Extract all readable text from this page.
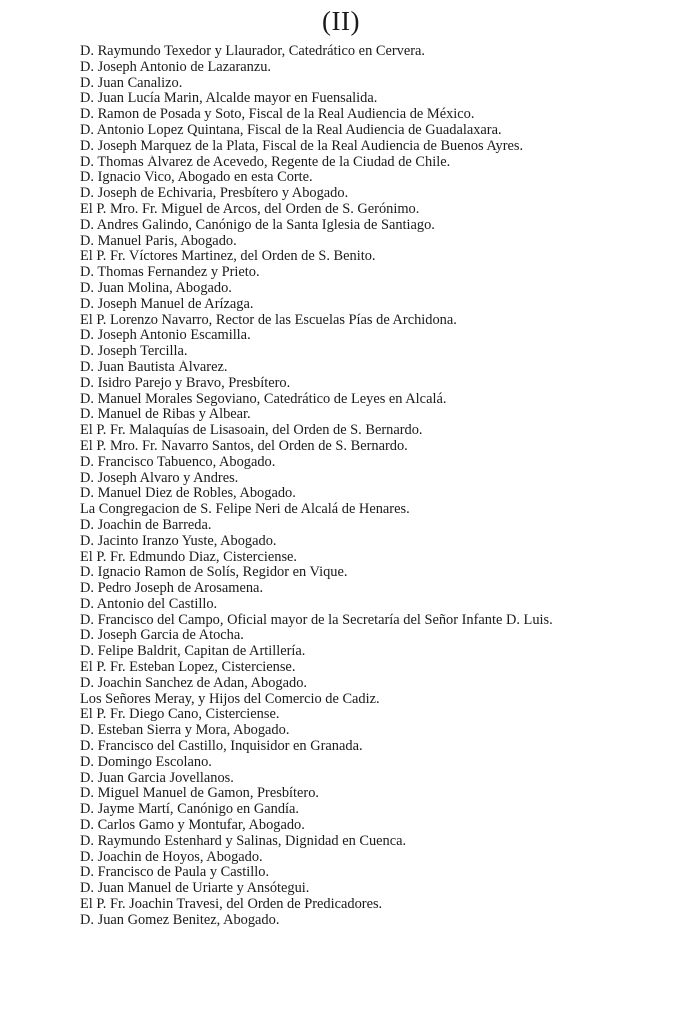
(II)
D. Raymundo Texedor y Llaurador, Catedrático en Cervera.
D. Joseph Antonio de Lazaranzu.
D. Juan Canalizo.
D. Juan Lucía Marin, Alcalde mayor en Fuensalida.
D. Ramon de Posada y Soto, Fiscal de la Real Audiencia de México.
D. Antonio Lopez Quintana, Fiscal de la Real Audiencia de Guadalaxara.
D. Joseph Marquez de la Plata, Fiscal de la Real Audiencia de Buenos Ayres.
D. Thomas Álvarez de Acevedo, Regente de la Ciudad de Chile.
D. Ignacio Vico, Abogado en esta Corte.
D. Joseph de Echivaria, Presbítero y Abogado.
El P. Mro. Fr. Miguel de Arcos, del Orden de S. Gerónimo.
D. Andres Galindo, Canónigo de la Santa Iglesia de Santiago.
D. Manuel Paris, Abogado.
El P. Fr. Víctores Martinez, del Orden de S. Benito.
D. Thomas Fernandez y Prieto.
D. Juan Molina, Abogado.
D. Joseph Manuel de Arízaga.
El P. Lorenzo Navarro, Rector de las Escuelas Pías de Archidona.
D. Joseph Antonio Escamilla.
D. Joseph Tercilla.
D. Juan Bautista Álvarez.
D. Isidro Parejo y Bravo, Presbítero.
D. Manuel Morales Segoviano, Catedrático de Leyes en Alcalá.
D. Manuel de Ribas y Albear.
El P. Fr. Malaquías de Lisasoain, del Orden de S. Bernardo.
El P. Mro. Fr. Navarro Santos, del Orden de S. Bernardo.
D. Francisco Tabuenco, Abogado.
D. Joseph Alvaro y Andres.
D. Manuel Diez de Robles, Abogado.
La Congregacion de S. Felipe Neri de Alcalá de Henares.
D. Joachin de Barreda.
D. Jacinto Iranzo Yuste, Abogado.
El P. Fr. Edmundo Diaz, Cisterciense.
D. Ignacio Ramon de Solís, Regidor en Vique.
D. Pedro Joseph de Arosamena.
D. Antonio del Castillo.
D. Francisco del Campo, Oficial mayor de la Secretaría del Señor Infante D. Luis.
D. Joseph Garcia de Atocha.
D. Felipe Baldrit, Capitan de Artillería.
El P. Fr. Esteban Lopez, Cisterciense.
D. Joachin Sanchez de Adan, Abogado.
Los Señores Meray, y Hijos del Comercio de Cadiz.
El P. Fr. Diego Cano, Cisterciense.
D. Esteban Sierra y Mora, Abogado.
D. Francisco del Castillo, Inquisidor en Granada.
D. Domingo Escolano.
D. Juan Garcia Jovellanos.
D. Miguel Manuel de Gamon, Presbítero.
D. Jayme Martí, Canónigo en Gandía.
D. Carlos Gamo y Montufar, Abogado.
D. Raymundo Estenhard y Salinas, Dignidad en Cuenca.
D. Joachin de Hoyos, Abogado.
D. Francisco de Paula y Castillo.
D. Juan Manuel de Uriarte y Ansótegui.
El P. Fr. Joachin Travesi, del Orden de Predicadores.
D. Juan Gomez Benitez, Abogado.
